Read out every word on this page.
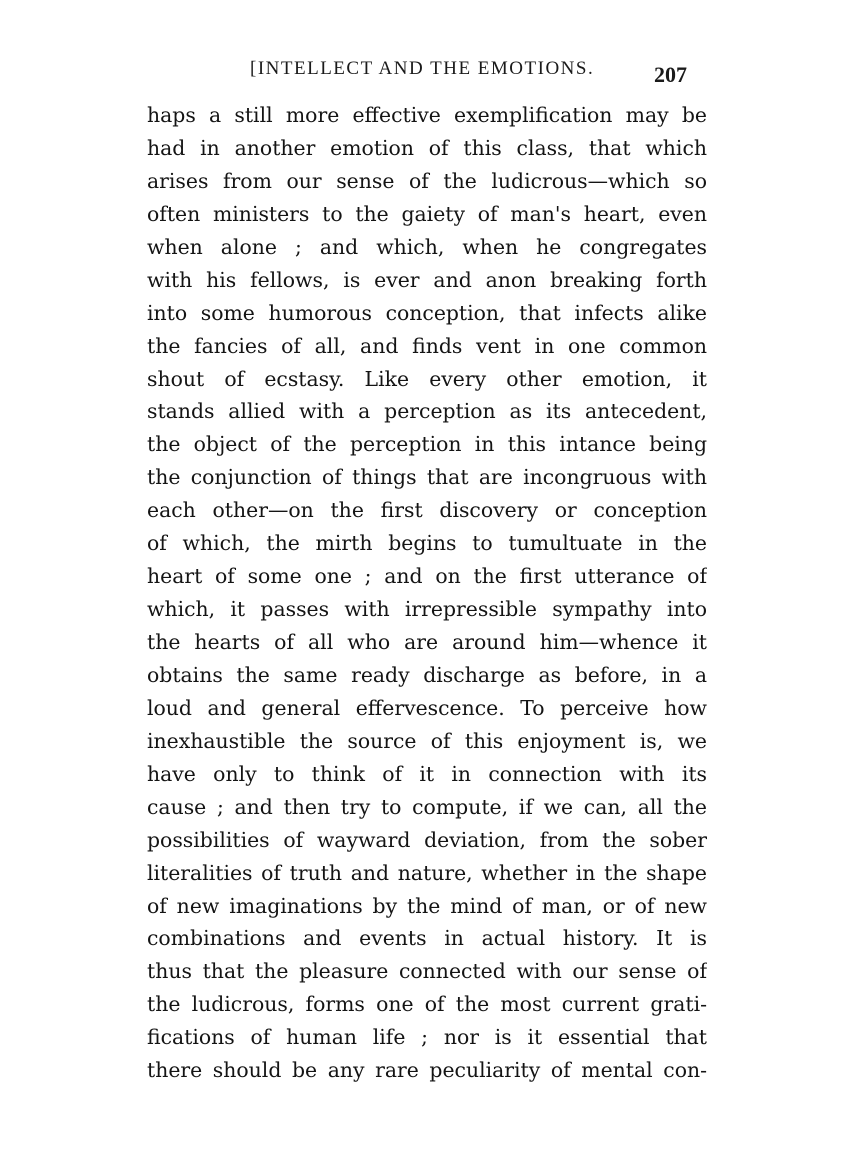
[INTELLECT AND THE EMOTIONS.	207
haps a still more effective exemplification may be
had in another emotion of this class, that which
arises from our sense of the ludicrous—which so
often ministers to the gaiety of man's heart, even
when alone ; and which, when he congregates
with his fellows, is ever and anon breaking forth
into some humorous conception, that infects alike
the fancies of all, and finds vent in one common
shout of ecstasy. Like every other emotion, it
stands allied with a perception as its antecedent,
the object of the perception in this intance being
the conjunction of things that are incongruous with
each other—on the first discovery or conception
of which, the mirth begins to tumultuate in the
heart of some one ; and on the first utterance of
which, it passes with irrepressible sympathy into
the hearts of all who are around him—whence it
obtains the same ready discharge as before, in a
loud and general effervescence. To perceive how
inexhaustible the source of this enjoyment is, we
have only to think of it in connection with its
cause ; and then try to compute, if we can, all the
possibilities of wayward deviation, from the sober
literalities of truth and nature, whether in the shape
of new imaginations by the mind of man, or of new
combinations and events in actual history. It is
thus that the pleasure connected with our sense of
the ludicrous, forms one of the most current grati-
fications of human life ; nor is it essential that
there should be any rare peculiarity of mental con-
